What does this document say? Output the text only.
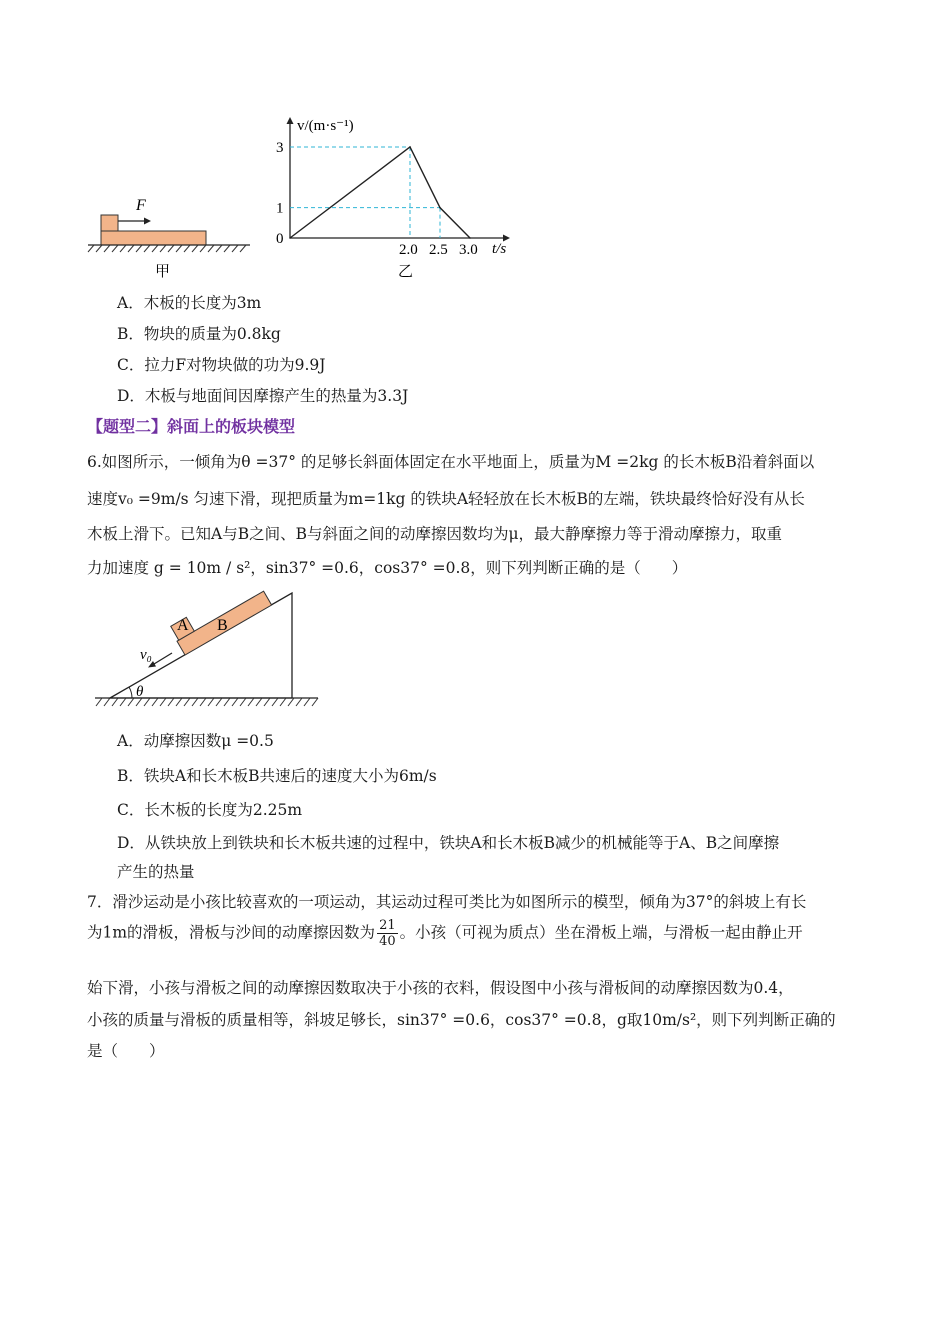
F
甲
3
1
0
2.0 2.5 3.0
v/(m·s⁻¹)
t/s
乙
A．木板的长度为3m
B．物块的质量为0.8kg
C．拉力F对物块做的功为9.9J
D．木板与地面间因摩擦产生的热量为3.3J
【题型二】斜面上的板块模型
6.如图所示，一倾角为θ =37° 的足够长斜面体固定在水平地面上，质量为M =2kg 的长木板B沿着斜面以
速度v₀ =9m/s 匀速下滑，现把质量为m=1kg 的铁块A轻轻放在长木板B的左端，铁块最终恰好没有从长
木板上滑下。已知A与B之间、B与斜面之间的动摩擦因数均为μ，最大静摩擦力等于滑动摩擦力，取重
力加速度 g = 10m / s²，sin37° =0.6，cos37° =0.8，则下列判断正确的是（　　）
A B
v₀
θ
A．动摩擦因数μ =0.5
B．铁块A和长木板B共速后的速度大小为6m/s
C．长木板的长度为2.25m
D．从铁块放上到铁块和长木板共速的过程中，铁块A和长木板B减少的机械能等于A、B之间摩擦
产生的热量
7．滑沙运动是小孩比较喜欢的一项运动，其运动过程可类比为如图所示的模型，倾角为37°的斜坡上有长
为1m的滑板，滑板与沙间的动摩擦因数为 $\frac{21}{40}$ 。小孩（可视为质点）坐在滑板上端，与滑板一起由静止开
始下滑，小孩与滑板之间的动摩擦因数取决于小孩的衣料，假设图中小孩与滑板间的动摩擦因数为0.4，
小孩的质量与滑板的质量相等，斜坡足够长，sin37° =0.6，cos37° =0.8，g取10m/s²，则下列判断正确的
是（　　）
